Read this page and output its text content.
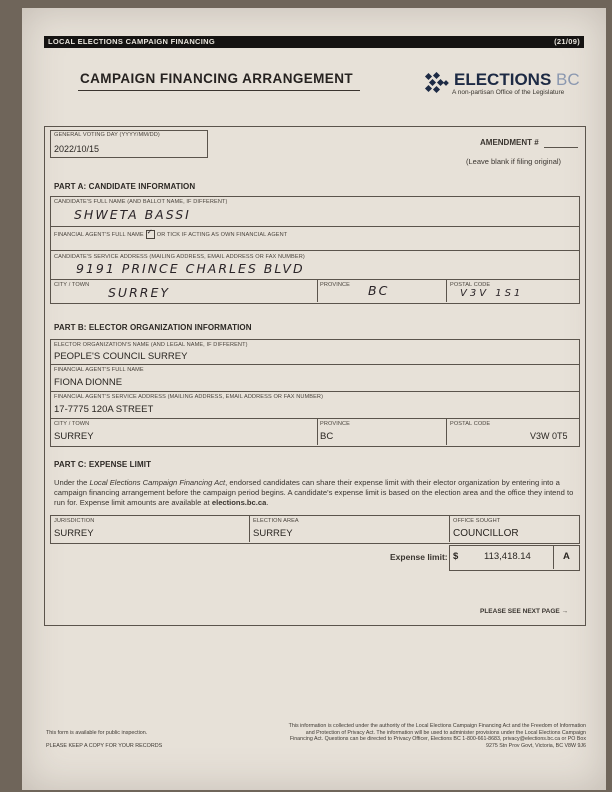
LOCAL ELECTIONS CAMPAIGN FINANCING	(21/09)
CAMPAIGN FINANCING ARRANGEMENT	ELECTIONS BC
A non-partisan Office of the Legislature
GENERAL VOTING DAY (YYYY/MM/DD)
2022/10/15
AMENDMENT #
(Leave blank if filing original)
PART A: CANDIDATE INFORMATION
CANDIDATE'S FULL NAME (AND BALLOT NAME, IF DIFFERENT)
SHWETA BASSI
FINANCIAL AGENT'S FULL NAME ✓ OR TICK IF ACTING AS OWN FINANCIAL AGENT
CANDIDATE'S SERVICE ADDRESS (MAILING ADDRESS, EMAIL ADDRESS OR FAX NUMBER)
9191 PRINCE CHARLES BLVD
CITY / TOWN SURREY	PROVINCE BC	POSTAL CODE
V3V 1S1
PART B: ELECTOR ORGANIZATION INFORMATION
ELECTOR ORGANIZATION'S NAME (AND LEGAL NAME, IF DIFFERENT)
PEOPLE'S COUNCIL SURREY
FINANCIAL AGENT'S FULL NAME
FIONA DIONNE
FINANCIAL AGENT'S SERVICE ADDRESS (MAILING ADDRESS, EMAIL ADDRESS OR FAX NUMBER)
17-7775 120A STREET
CITY / TOWN
SURREY
PROVINCE
BC
POSTAL CODE
V3W 0T5
PART C: EXPENSE LIMIT
Under the Local Elections Campaign Financing Act, endorsed candidates can share their expense limit with their elector organization by entering into a campaign financing arrangement before the campaign period begins. A candidate's expense limit is based on the election area and the office they intend to run for. Expense limit amounts are available at elections.bc.ca.
JURISDICTION
SURREY
ELECTION AREA
SURREY
OFFICE SOUGHT
COUNCILLOR
Expense limit: $	113,418.14	A
PLEASE SEE NEXT PAGE →
This form is available for public inspection.
PLEASE KEEP A COPY FOR YOUR RECORDS
This information is collected under the authority of the Local Elections Campaign Financing Act and the Freedom of Information and Protection of Privacy Act. The information will be used to administer provisions under the Local Elections Campaign Financing Act. Questions can be directed to Privacy Officer, Elections BC 1-800-661-8683, privacy@elections.bc.ca or PO Box 9275 Stn Prov Govt, Victoria, BC V8W 9J6
